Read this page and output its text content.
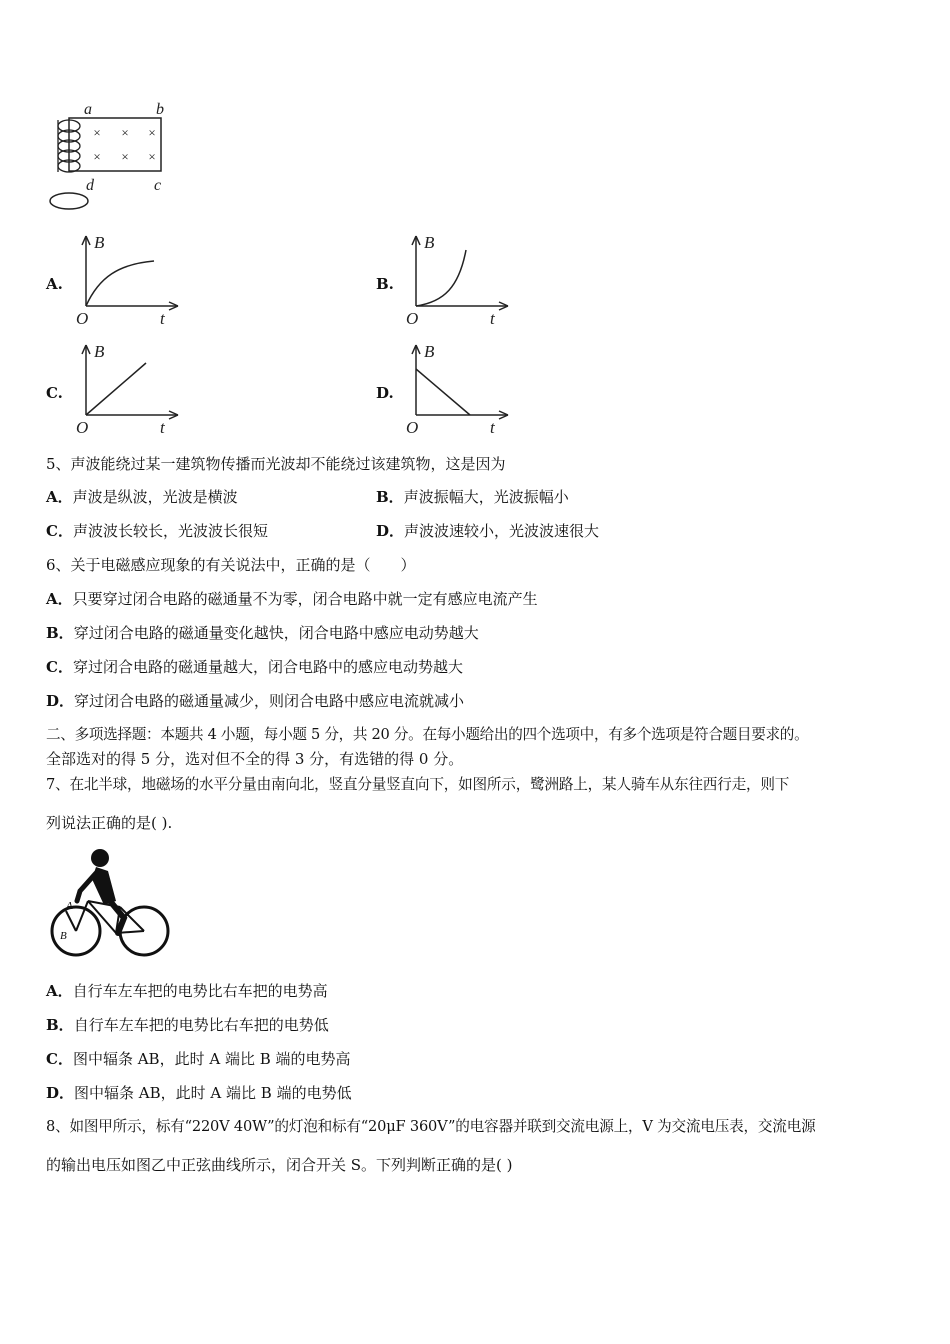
× × ×
× × ×
a	b
c
d
A.
B
O	t
B.
B
O	t
C.
B
O	t
D.
B
O	t
5、声波能绕过某一建筑物传播而光波却不能绕过该建筑物，这是因为
A．声波是纵波，光波是横波	B．声波振幅大，光波振幅小
C．声波波长较长，光波波长很短	D．声波波速较小，光波波速很大
6、关于电磁感应现象的有关说法中，正确的是（　　）
A．只要穿过闭合电路的磁通量不为零，闭合电路中就一定有感应电流产生
B．穿过闭合电路的磁通量变化越快，闭合电路中感应电动势越大
C．穿过闭合电路的磁通量越大，闭合电路中的感应电动势越大
D．穿过闭合电路的磁通量减少，则闭合电路中感应电流就减小
二、多项选择题：本题共 4 小题，每小题 5 分，共 20 分。在每小题给出的四个选项中，有多个选项是符合题目要求的。
全部选对的得 5 分，选对但不全的得 3 分，有选错的得 0 分。
7、在北半球，地磁场的水平分量由南向北，竖直分量竖直向下，如图所示，鹭洲路上，某人骑车从东往西行走，则下
列说法正确的是( ).
A
B
A．自行车左车把的电势比右车把的电势高
B．自行车左车把的电势比右车把的电势低
C．图中辐条 AB，此时 A 端比 B 端的电势高
D．图中辐条 AB，此时 A 端比 B 端的电势低
8、如图甲所示，标有“220V 40W”的灯泡和标有“20μF 360V”的电容器并联到交流电源上，V 为交流电压表，交流电源
的输出电压如图乙中正弦曲线所示，闭合开关 S。下列判断正确的是( )
